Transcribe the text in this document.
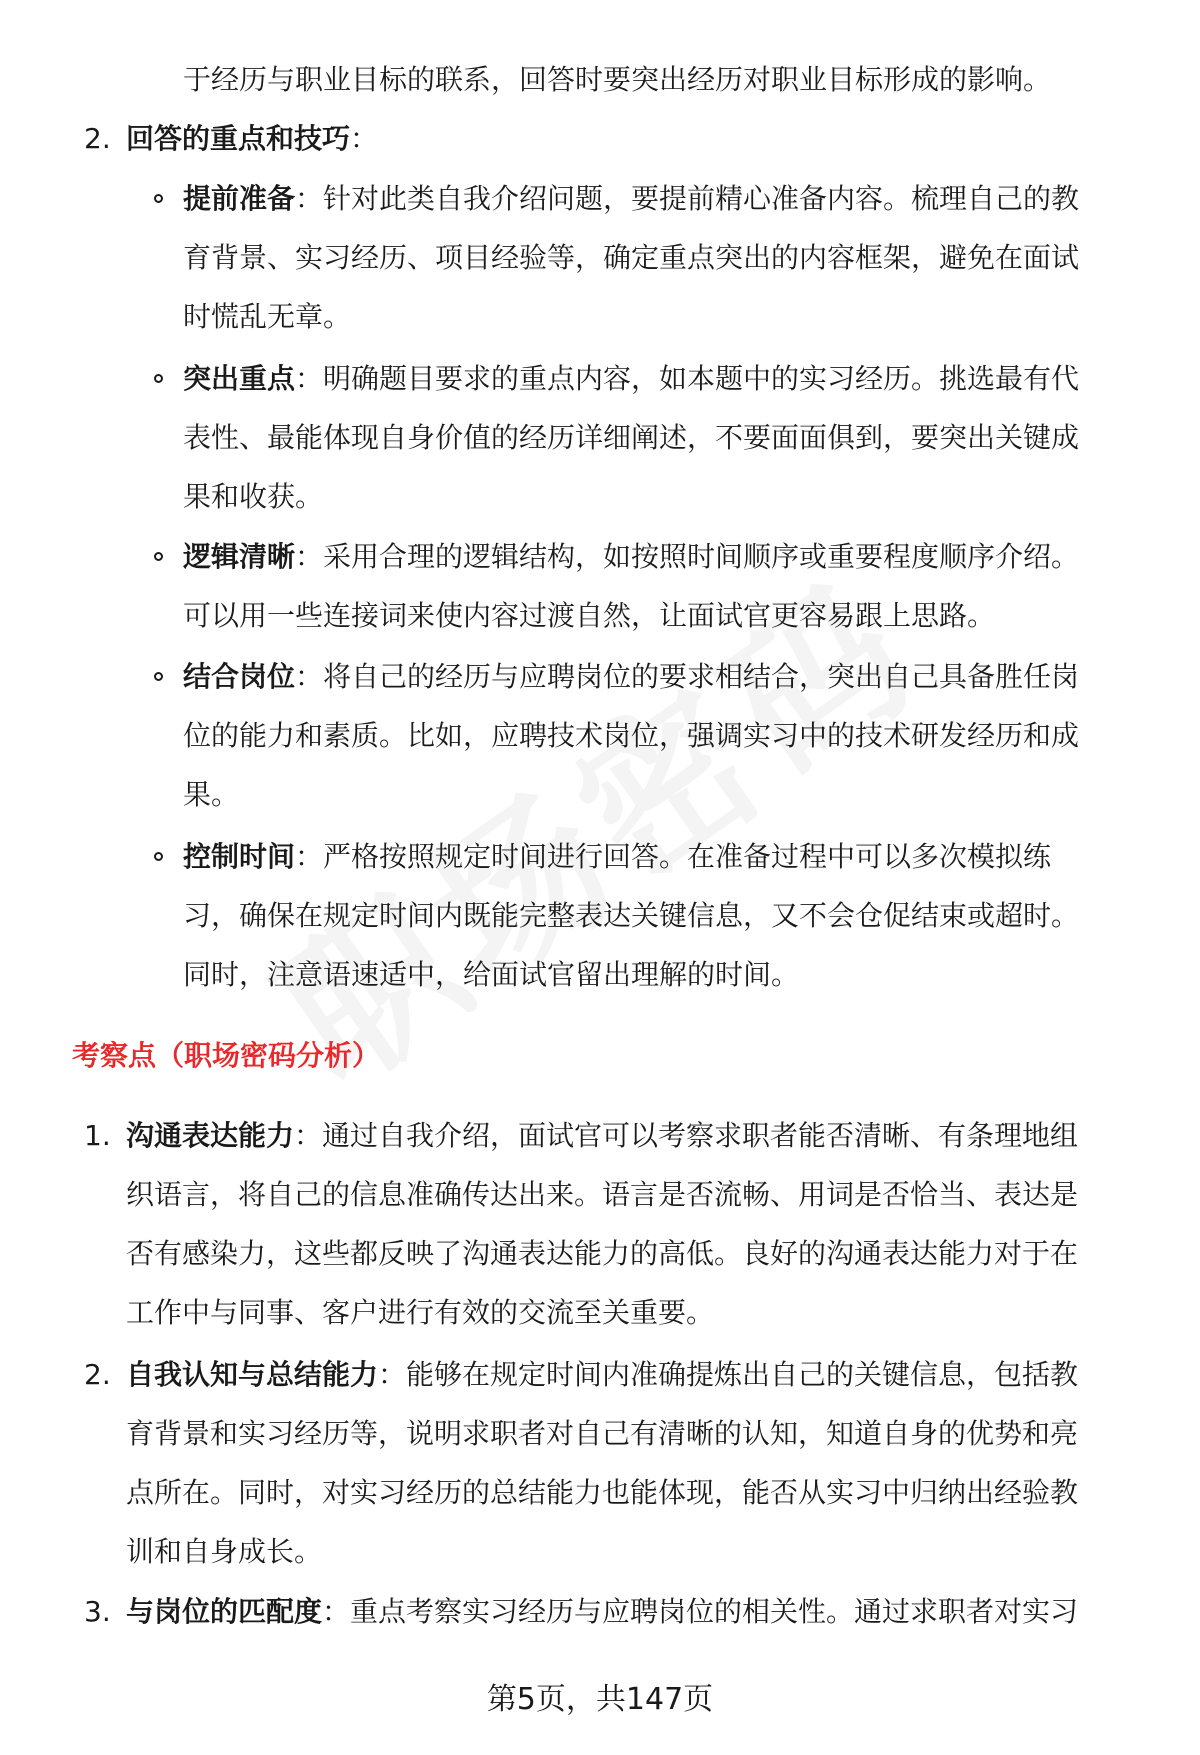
于经历与职业目标的联系，回答时要突出经历对职业目标形成的影响。
2. 回答的重点和技巧：
提前准备：针对此类自我介绍问题，要提前精心准备内容。梳理自己的教
育背景、实习经历、项目经验等，确定重点突出的内容框架，避免在面试
时慌乱无章。
突出重点：明确题目要求的重点内容，如本题中的实习经历。挑选最有代
表性、最能体现自身价值的经历详细阐述，不要面面俱到，要突出关键成
果和收获。
逻辑清晰：采用合理的逻辑结构，如按照时间顺序或重要程度顺序介绍。
可以用一些连接词来使内容过渡自然，让面试官更容易跟上思路。
结合岗位：将自己的经历与应聘岗位的要求相结合，突出自己具备胜任岗
位的能力和素质。比如，应聘技术岗位，强调实习中的技术研发经历和成
果。
控制时间：严格按照规定时间进行回答。在准备过程中可以多次模拟练
习，确保在规定时间内既能完整表达关键信息，又不会仓促结束或超时。
同时，注意语速适中，给面试官留出理解的时间。
考察点（职场密码分析）
1. 沟通表达能力：通过自我介绍，面试官可以考察求职者能否清晰、有条理地组
织语言，将自己的信息准确传达出来。语言是否流畅、用词是否恰当、表达是
否有感染力，这些都反映了沟通表达能力的高低。良好的沟通表达能力对于在
工作中与同事、客户进行有效的交流至关重要。
2. 自我认知与总结能力：能够在规定时间内准确提炼出自己的关键信息，包括教
育背景和实习经历等，说明求职者对自己有清晰的认知，知道自身的优势和亮
点所在。同时，对实习经历的总结能力也能体现，能否从实习中归纳出经验教
训和自身成长。
3. 与岗位的匹配度：重点考察实习经历与应聘岗位的相关性。通过求职者对实习
第5页，共147页
